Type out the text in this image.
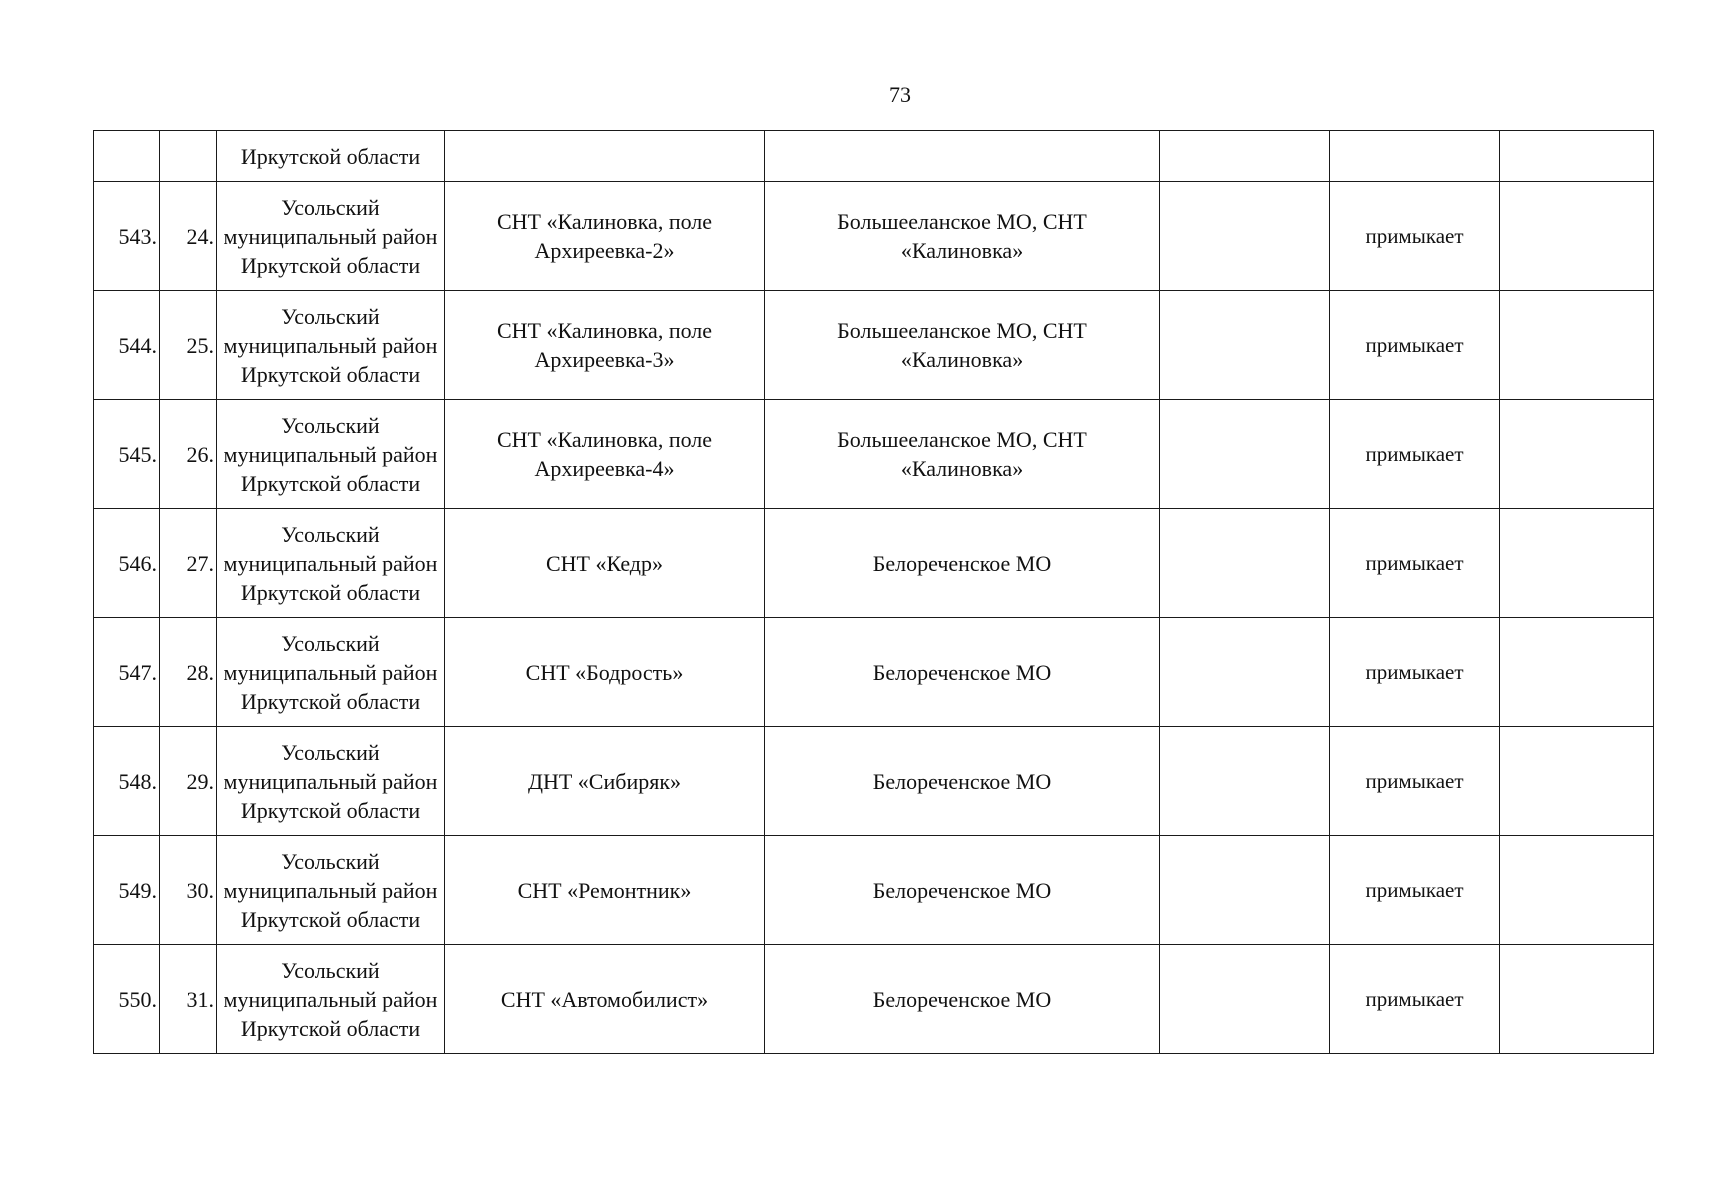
73
		Иркутской области					
543.	24.	Усольский
муниципальный район
Иркутской области	СНТ «Калиновка, поле
Архиреевка-2»	Большееланское МО, СНТ
«Калиновка»		примыкает	
544.	25.	Усольский
муниципальный район
Иркутской области	СНТ «Калиновка, поле
Архиреевка-3»	Большееланское МО, СНТ
«Калиновка»		примыкает	
545.	26.	Усольский
муниципальный район
Иркутской области	СНТ «Калиновка, поле
Архиреевка-4»	Большееланское МО, СНТ
«Калиновка»		примыкает	
546.	27.	Усольский
муниципальный район
Иркутской области	СНТ «Кедр»	Белореченское МО		примыкает	
547.	28.	Усольский
муниципальный район
Иркутской области	СНТ «Бодрость»	Белореченское МО		примыкает	
548.	29.	Усольский
муниципальный район
Иркутской области	ДНТ «Сибиряк»	Белореченское МО		примыкает	
549.	30.	Усольский
муниципальный район
Иркутской области	СНТ «Ремонтник»	Белореченское МО		примыкает	
550.	31.	Усольский
муниципальный район
Иркутской области	СНТ «Автомобилист»	Белореченское МО		примыкает	
